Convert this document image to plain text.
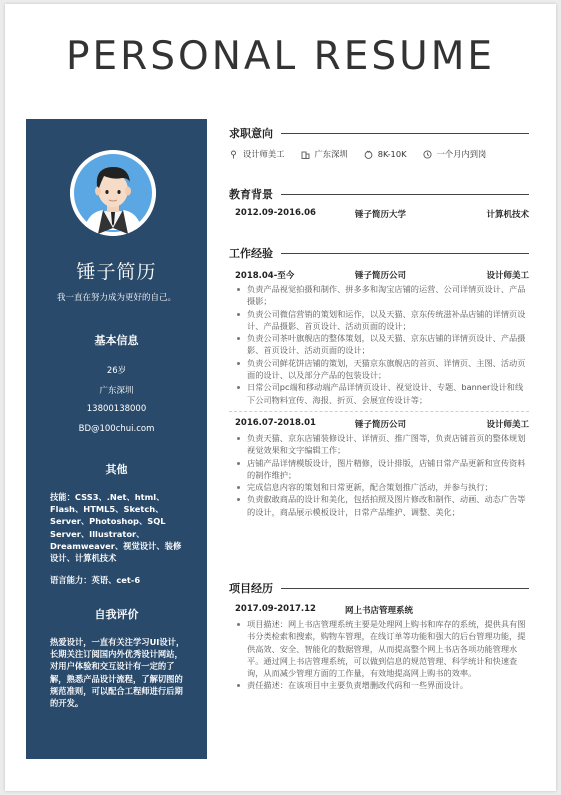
PERSONAL RESUME
锤子简历
我一直在努力成为更好的自己。
基本信息
26岁
广东深圳
13800138000
BD@100chui.com
其他
技能：CSS3、.Net、html、Flash、HTML5、Sketch、Server、Photoshop、SQL Server、Illustrator、Dreamweaver、视觉设计、装修设计、计算机技术
语言能力：英语、cet-6
自我评价
热爱设计，一直有关注学习UI设计，长期关注订阅国内外优秀设计网站，对用户体验和交互设计有一定的了解，熟悉产品设计流程，了解切图的规范准则，可以配合工程师进行后期的开发。
求职意向
设计师美工	广东深圳	8K-10K	一个月内到岗
教育背景
2012.09-2016.06	锤子简历大学	计算机技术
工作经验
2018.04-至今	锤子简历公司	设计师美工
负责产品视觉拍摄和制作、拼多多和淘宝店铺的运营、公司详情页设计、产品摄影；
负责公司微信营销的策划和运作，以及天猫、京东传统滋补品店铺的详情页设计、产品摄影、首页设计、活动页面的设计；
负责公司茶叶旗舰店的整体策划，以及天猫、京东店铺的详情页设计、产品摄影、首页设计、活动页面的设计；
负责公司鲜花饼店铺的策划，天猫京东旗舰店的首页、详情页、主图、活动页面的设计、以及部分产品的包装设计；
日常公司pc端和移动端产品详情页设计、视觉设计、专题、banner设计和线下公司物料宣传、海报、折页、会展宣传设计等；
2016.07-2018.01	锤子简历公司	设计师美工
负责天猫、京东店铺装修设计、详情页、推广图等，负责店铺首页的整体规划视觉效果和文字编辑工作；
店铺产品详情模版设计，图片精修，设计排版，店铺日常产品更新和宣传资料的制作维护；
完成信息内容的策划和日常更新，配合策划推广活动，并参与执行；
负责叡敢商品的设计和美化，包括拍照及图片修改和制作、动画、动态广告等的设计，商品展示模板设计，日常产品维护、调整、美化；
项目经历
2017.09-2017.12	网上书店管理系统
项目描述：网上书店管理系统主要是处理网上购书和库存的系统，提供具有图书分类检索和搜索，购物车管理，在线订单等功能和强大的后台管理功能，提供高效、安全、智能化的数据管理，从而提高整个网上书店各项功能管理水平。通过网上书店管理系统，可以做到信息的规范管理、科学统计和快速查询，从而减少管理方面的工作量，有效地提高网上购书的效率。
责任描述：在该项目中主要负责增删改代码和一些界面设计。
